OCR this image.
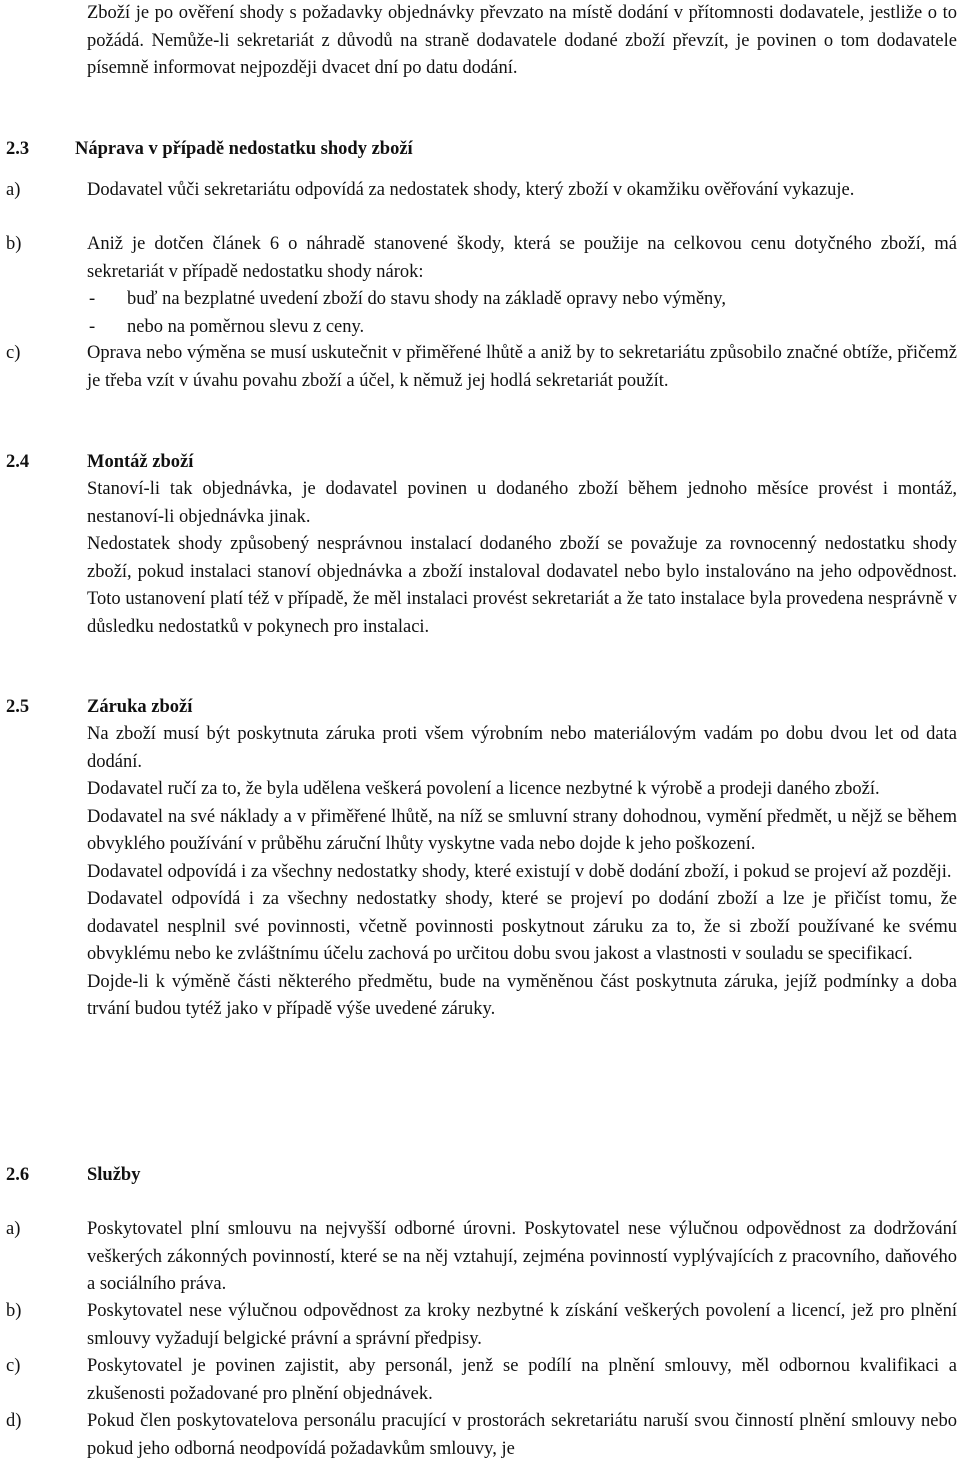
Zboží je po ověření shody s požadavky objednávky převzato na místě dodání v přítomnosti dodavatele, jestliže o to požádá. Nemůže-li sekretariát z důvodů na straně dodavatele dodané zboží převzít, je povinen o tom dodavatele písemně informovat nejpozději dvacet dní po datu dodání.

2.3 Náprava v případě nedostatku shody zboží
a)	Dodavatel vůči sekretariátu odpovídá za nedostatek shody, který zboží v okamžiku ověřování vykazuje.

b)	Aniž je dotčen článek 6 o náhradě stanovené škody, která se použije na celkovou cenu dotyčného zboží, má sekretariát v případě nedostatku shody nárok:

- buď na bezplatné uvedení zboží do stavu shody na základě opravy nebo výměny,
- nebo na poměrnou slevu z ceny.
c)	Oprava nebo výměna se musí uskutečnit v přiměřené lhůtě a aniž by to sekretariátu způsobilo značné obtíže, přičemž je třeba vzít v úvahu povahu zboží a účel, k němuž jej hodlá sekretariát použít.

2.4	Montáž zboží

Stanoví-li tak objednávka, je dodavatel povinen u dodaného zboží během jednoho měsíce provést i montáž, nestanoví-li objednávka jinak.

Nedostatek shody způsobený nesprávnou instalací dodaného zboží se považuje za rovnocenný nedostatku shody zboží, pokud instalaci stanoví objednávka a zboží instaloval dodavatel nebo bylo instalováno na jeho odpovědnost. Toto ustanovení platí též v případě, že měl instalaci provést sekretariát a že tato instalace byla provedena nesprávně v důsledku nedostatků v pokynech pro instalaci.

2.5	Záruka zboží

Na zboží musí být poskytnuta záruka proti všem výrobním nebo materiálovým vadám po dobu dvou let od data dodání.

Dodavatel ručí za to, že byla udělena veškerá povolení a licence nezbytné k výrobě a prodeji daného zboží.

Dodavatel na své náklady a v přiměřené lhůtě, na níž se smluvní strany dohodnou, vymění předmět, u nějž se během obvyklého používání v průběhu záruční lhůty vyskytne vada nebo dojde k jeho poškození.

Dodavatel odpovídá i za všechny nedostatky shody, které existují v době dodání zboží, i pokud se projeví až později.

Dodavatel odpovídá i za všechny nedostatky shody, které se projeví po dodání zboží a lze je přičíst tomu, že dodavatel nesplnil své povinnosti, včetně povinnosti poskytnout záruku za to, že si zboží používané ke svému obvyklému nebo ke zvláštnímu účelu zachová po určitou dobu svou jakost a vlastnosti v souladu se specifikací.

Dojde-li k výměně části některého předmětu, bude na vyměněnou část poskytnuta záruka, jejíž podmínky a doba trvání budou tytéž jako v případě výše uvedené záruky.

2.6	Služby
a)	Poskytovatel plní smlouvu na nejvyšší odborné úrovni. Poskytovatel nese výlučnou odpovědnost za dodržování veškerých zákonných povinností, které se na něj vztahují, zejména povinností vyplývajících z pracovního, daňového a sociálního práva.

b)	Poskytovatel nese výlučnou odpovědnost za kroky nezbytné k získání veškerých povolení a licencí, jež pro plnění smlouvy vyžadují belgické právní a správní předpisy.

c)	Poskytovatel je povinen zajistit, aby personál, jenž se podílí na plnění smlouvy, měl odbornou kvalifikaci a zkušenosti požadované pro plnění objednávek.

d)	Pokud člen poskytovatelova personálu pracující v prostorách sekretariátu naruší svou činností plnění smlouvy nebo pokud jeho odborná neodpovídá požadavkům smlouvy, je
